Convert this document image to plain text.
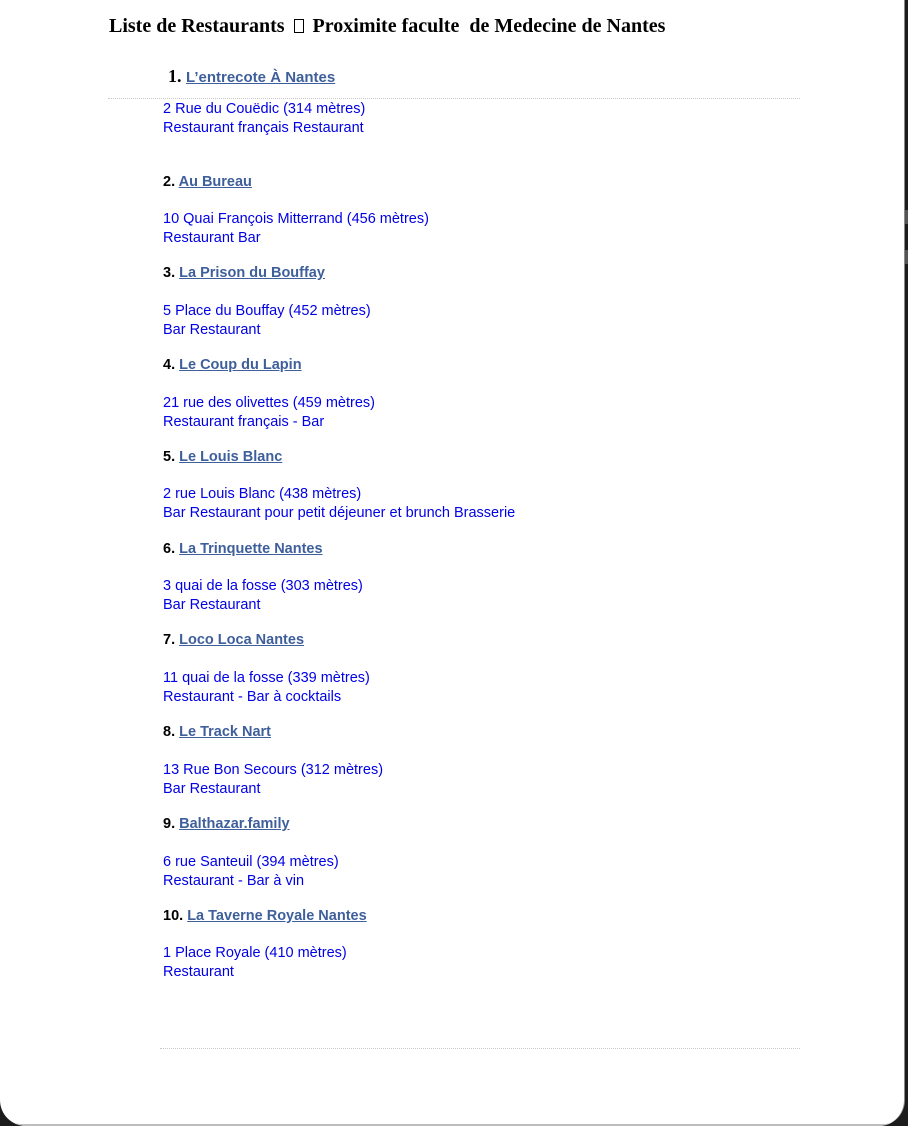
Liste de Restaurants  Proximite faculte  de Medecine de Nantes
1. L’entrecote À Nantes
2 Rue du Couëdic (314 mètres)
Restaurant français Restaurant
2. Au Bureau
10 Quai François Mitterrand (456 mètres)
Restaurant Bar
3. La Prison du Bouffay
5 Place du Bouffay (452 mètres)
Bar Restaurant
4. Le Coup du Lapin
21 rue des olivettes (459 mètres)
Restaurant français - Bar
5. Le Louis Blanc
2 rue Louis Blanc (438 mètres)
Bar Restaurant pour petit déjeuner et brunch Brasserie
6. La Trinquette Nantes
3 quai de la fosse (303 mètres)
Bar Restaurant
7. Loco Loca Nantes
11 quai de la fosse (339 mètres)
Restaurant - Bar à cocktails
8. Le Track Nart
13 Rue Bon Secours (312 mètres)
Bar Restaurant
9. Balthazar.family
6 rue Santeuil (394 mètres)
Restaurant - Bar à vin
10. La Taverne Royale Nantes
1 Place Royale (410 mètres)
Restaurant
